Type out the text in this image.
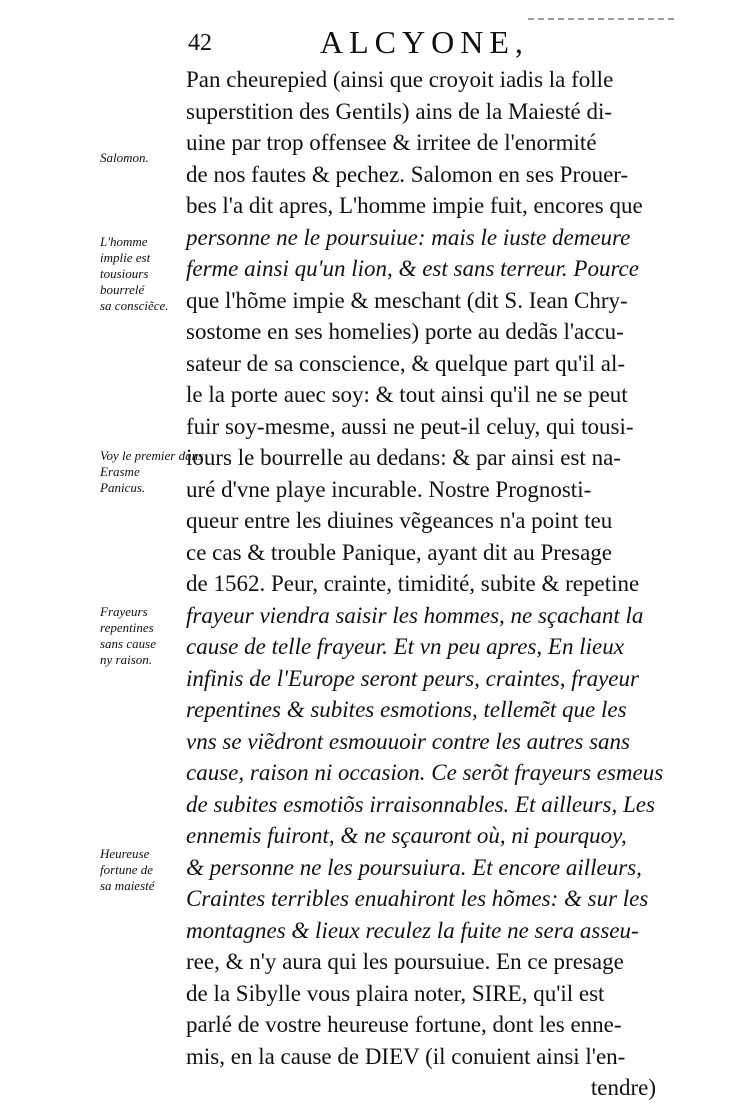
42	ALCYONE,
Salomon.
L'homme
implie est
tousiours
bourrelé
sa consciẽce.
Voy le premier dans
Erasme
Panicus.
Frayeurs
repentines
sans cause
ny raison.
Heureuse
fortune de
sa maiesté
Pan cheurepied (ainsi que croyoit iadis la folle
superstition des Gentils) ains de la Maiesté di-
uine par trop offensee & irritee de l'enormité
de nos fautes & pechez. Salomon en ses Prouer-
bes l'a dit apres, L'homme impie fuit, encores que
personne ne le poursuiue: mais le iuste demeure
ferme ainsi qu'un lion, & est sans terreur. Pource
que l'hõme impie & meschant (dit S. Iean Chry-
sostome en ses homelies) porte au dedãs l'accu-
sateur de sa conscience, & quelque part qu'il al-
le la porte auec soy: & tout ainsi qu'il ne se peut
fuir soy-mesme, aussi ne peut-il celuy, qui tousi-
iours le bourrelle au dedans: & par ainsi est na-
uré d'vne playe incurable. Nostre Prognosti-
queur entre les diuines vẽgeances n'a point teu
ce cas & trouble Panique, ayant dit au Presage
de 1562. Peur, crainte, timidité, subite & repetine
frayeur viendra saisir les hommes, ne sçachant la
cause de telle frayeur. Et vn peu apres, En lieux
infinis de l'Europe seront peurs, craintes, frayeur
repentines & subites esmotions, tellemẽt que les
vns se viẽdront esmouuoir contre les autres sans
cause, raison ni occasion. Ce serõt frayeurs esmeus
de subites esmotiõs irraisonnables. Et ailleurs, Les
ennemis fuiront, & ne sçauront où, ni pourquoy,
& personne ne les poursuiura. Et encore ailleurs,
Craintes terribles enuahiront les hõmes: & sur les
montagnes & lieux reculez la fuite ne sera asseu-
ree, & n'y aura qui les poursuiue. En ce presage
de la Sibylle vous plaira noter, SIRE, qu'il est
parlé de vostre heureuse fortune, dont les enne-
mis, en la cause de DIEV (il conuient ainsi l'en-
tendre)
